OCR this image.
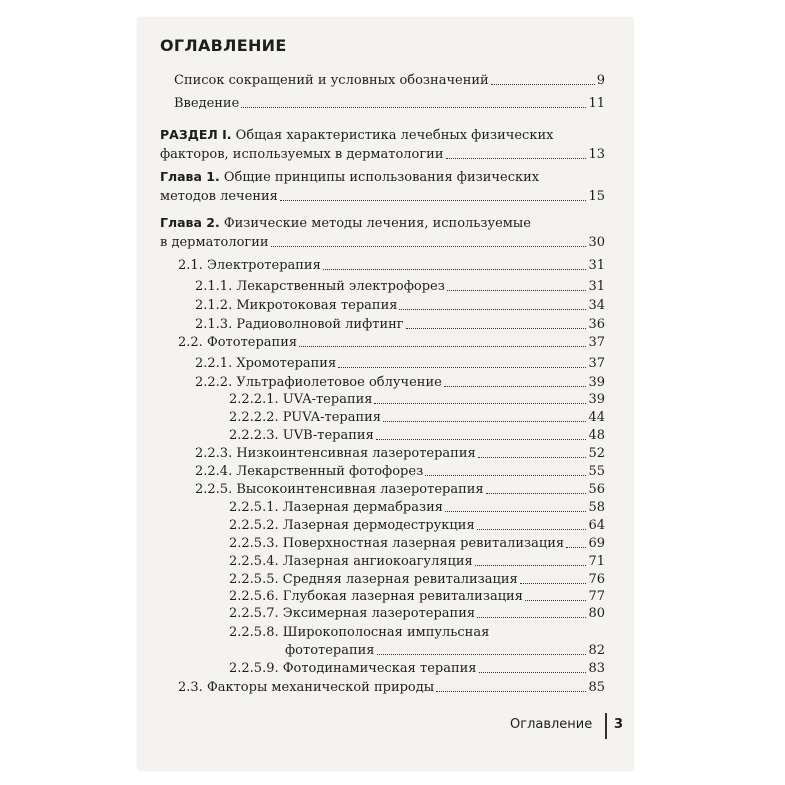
ОГЛАВЛЕНИЕ
Список сокращений и условных обозначений	9
Введение	11
РАЗДЕЛ I. Общая характеристика лечебных физических
факторов, используемых в дерматологии	13
Глава 1. Общие принципы использования физических
методов лечения	15
Глава 2. Физические методы лечения, используемые
в дерматологии	30
2.1. Электротерапия	31
2.1.1. Лекарственный электрофорез	31
2.1.2. Микротоковая терапия	34
2.1.3. Радиоволновой лифтинг	36
2.2. Фототерапия	37
2.2.1. Хромотерапия	37
2.2.2. Ультрафиолетовое облучение	39
2.2.2.1. UVA-терапия	39
2.2.2.2. PUVA-терапия	44
2.2.2.3. UVB-терапия	48
2.2.3. Низкоинтенсивная лазеротерапия	52
2.2.4. Лекарственный фотофорез	55
2.2.5. Высокоинтенсивная лазеротерапия	56
2.2.5.1. Лазерная дермабразия	58
2.2.5.2. Лазерная дермодеструкция	64
2.2.5.3. Поверхностная лазерная ревитализация 69
2.2.5.4. Лазерная ангиокоагуляция	71
2.2.5.5. Средняя лазерная ревитализация	76
2.2.5.6. Глубокая лазерная ревитализация	77
2.2.5.7. Эксимерная лазеротерапия	80
2.2.5.8. Широкополосная импульсная
фототерапия	82
2.2.5.9. Фотодинамическая терапия	83
2.3. Факторы механической природы	85
Оглавление 3
